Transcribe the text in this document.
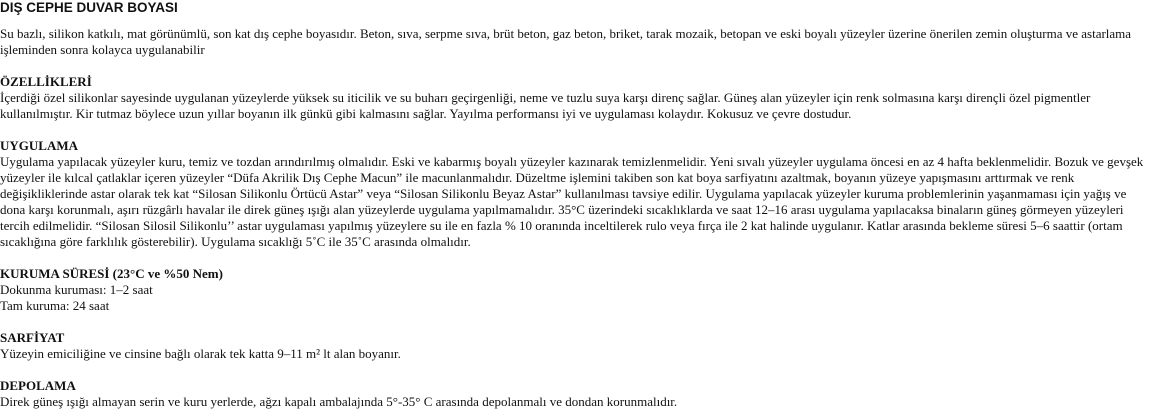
DIŞ CEPHE DUVAR BOYASI

Su bazlı, silikon katkılı, mat görünümlü, son kat dış cephe boyasıdır. Beton, sıva, serpme sıva, brüt beton, gaz beton, briket, tarak mozaik, betopan ve eski boyalı yüzeyler üzerine önerilen zemin oluşturma ve astarlama işleminden sonra kolayca uygulanabilir

ÖZELLİKLERİ

İçerdiği özel silikonlar sayesinde uygulanan yüzeylerde yüksek su iticilik ve su buharı geçirgenliği, neme ve tuzlu suya karşı direnç sağlar. Güneş alan yüzeyler için renk solmasına karşı dirençli özel pigmentler kullanılmıştır. Kir tutmaz böylece uzun yıllar boyanın ilk günkü gibi kalmasını sağlar. Yayılma performansı iyi ve uygulaması kolaydır. Kokusuz ve çevre dostudur.

UYGULAMA

Uygulama yapılacak yüzeyler kuru, temiz ve tozdan arındırılmış olmalıdır. Eski ve kabarmış boyalı yüzeyler kazınarak temizlenmelidir. Yeni sıvalı yüzeyler uygulama öncesi en az 4 hafta beklenmelidir. Bozuk ve gevşek yüzeyler ile kılcal çatlaklar içeren yüzeyler “Düfa Akrilik Dış Cephe Macun” ile macunlanmalıdır. Düzeltme işlemini takiben son kat boya sarfiyatını azaltmak, boyanın yüzeye yapışmasını arttırmak ve renk değişikliklerinde astar olarak tek kat “Silosan Silikonlu Örtücü Astar” veya “Silosan Silikonlu Beyaz Astar” kullanılması tavsiye edilir. Uygulama yapılacak yüzeyler kuruma problemlerinin yaşanmaması için yağış ve dona karşı korunmalı, aşırı rüzgârlı havalar ile direk güneş ışığı alan yüzeylerde uygulama yapılmamalıdır. 35°C üzerindeki sıcaklıklarda ve saat 12–16 arası uygulama yapılacaksa binaların güneş görmeyen yüzeyleri tercih edilmelidir. “Silosan Silosil Silikonlu’’ astar uygulaması yapılmış yüzeylere su ile en fazla % 10 oranında inceltilerek rulo veya fırça ile 2 kat halinde uygulanır. Katlar arasında bekleme süresi 5–6 saattir (ortam sıcaklığına göre farklılık gösterebilir). Uygulama sıcaklığı 5˚C ile 35˚C arasında olmalıdır.

KURUMA SÜRESİ (23°C ve %50 Nem)

Dokunma kuruması: 1–2 saat
Tam kuruma: 24 saat

SARFİYAT

Yüzeyin emiciliğine ve cinsine bağlı olarak tek katta 9–11 m² lt alan boyanır.

DEPOLAMA

Direk güneş ışığı almayan serin ve kuru yerlerde, ağzı kapalı ambalajında 5°-35° C arasında depolanmalı ve dondan korunmalıdır.
